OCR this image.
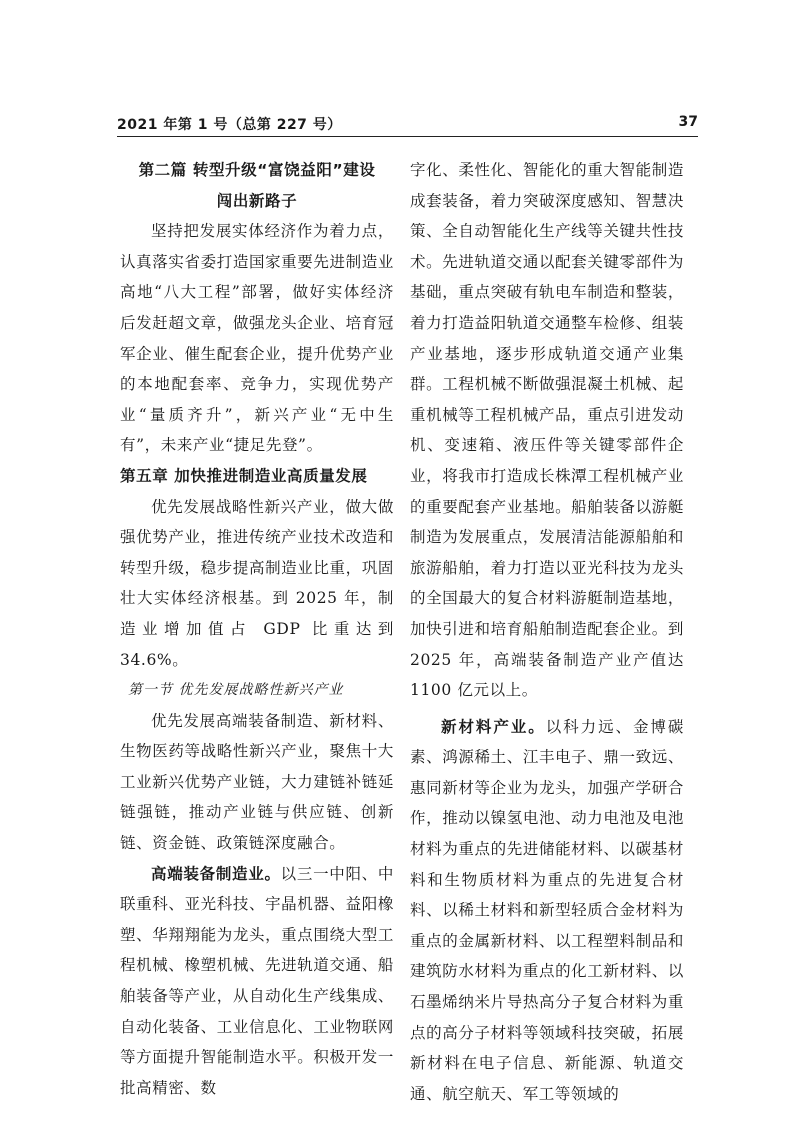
2021 年第 1 号（总第 227 号）	37

第二篇 转型升级“富饶益阳”建设

闯出新路子

坚持把发展实体经济作为着力点，认真落实省委打造国家重要先进制造业高地“八大工程”部署，做好实体经济后发赶超文章，做强龙头企业、培育冠军企业、催生配套企业，提升优势产业的本地配套率、竞争力，实现优势产业“量质齐升”，新兴产业“无中生有”，未来产业“捷足先登”。

第五章 加快推进制造业高质量发展

优先发展战略性新兴产业，做大做强优势产业，推进传统产业技术改造和转型升级，稳步提高制造业比重，巩固壮大实体经济根基。到 2025 年，制造业增加值占 GDP 比重达到 34.6%。

第一节 优先发展战略性新兴产业

优先发展高端装备制造、新材料、生物医药等战略性新兴产业，聚焦十大工业新兴优势产业链，大力建链补链延链强链，推动产业链与供应链、创新链、资金链、政策链深度融合。

高端装备制造业。以三一中阳、中联重科、亚光科技、宇晶机器、益阳橡塑、华翔翔能为龙头，重点围绕大型工程机械、橡塑机械、先进轨道交通、船舶装备等产业，从自动化生产线集成、自动化装备、工业信息化、工业物联网等方面提升智能制造水平。积极开发一批高精密、数

字化、柔性化、智能化的重大智能制造成套装备，着力突破深度感知、智慧决策、全自动智能化生产线等关键共性技术。先进轨道交通以配套关键零部件为基础，重点突破有轨电车制造和整装，着力打造益阳轨道交通整车检修、组装产业基地，逐步形成轨道交通产业集群。工程机械不断做强混凝土机械、起重机械等工程机械产品，重点引进发动机、变速箱、液压件等关键零部件企业，将我市打造成长株潭工程机械产业的重要配套产业基地。船舶装备以游艇制造为发展重点，发展清洁能源船舶和旅游船舶，着力打造以亚光科技为龙头的全国最大的复合材料游艇制造基地，加快引进和培育船舶制造配套企业。到 2025 年，高端装备制造产业产值达 1100 亿元以上。

新材料产业。以科力远、金博碳素、鸿源稀土、江丰电子、鼎一致远、惠同新材等企业为龙头，加强产学研合作，推动以镍氢电池、动力电池及电池材料为重点的先进储能材料、以碳基材料和生物质材料为重点的先进复合材料、以稀土材料和新型轻质合金材料为重点的金属新材料、以工程塑料制品和建筑防水材料为重点的化工新材料、以石墨烯纳米片导热高分子复合材料为重点的高分子材料等领域科技突破，拓展新材料在电子信息、新能源、轨道交通、航空航天、军工等领域的
